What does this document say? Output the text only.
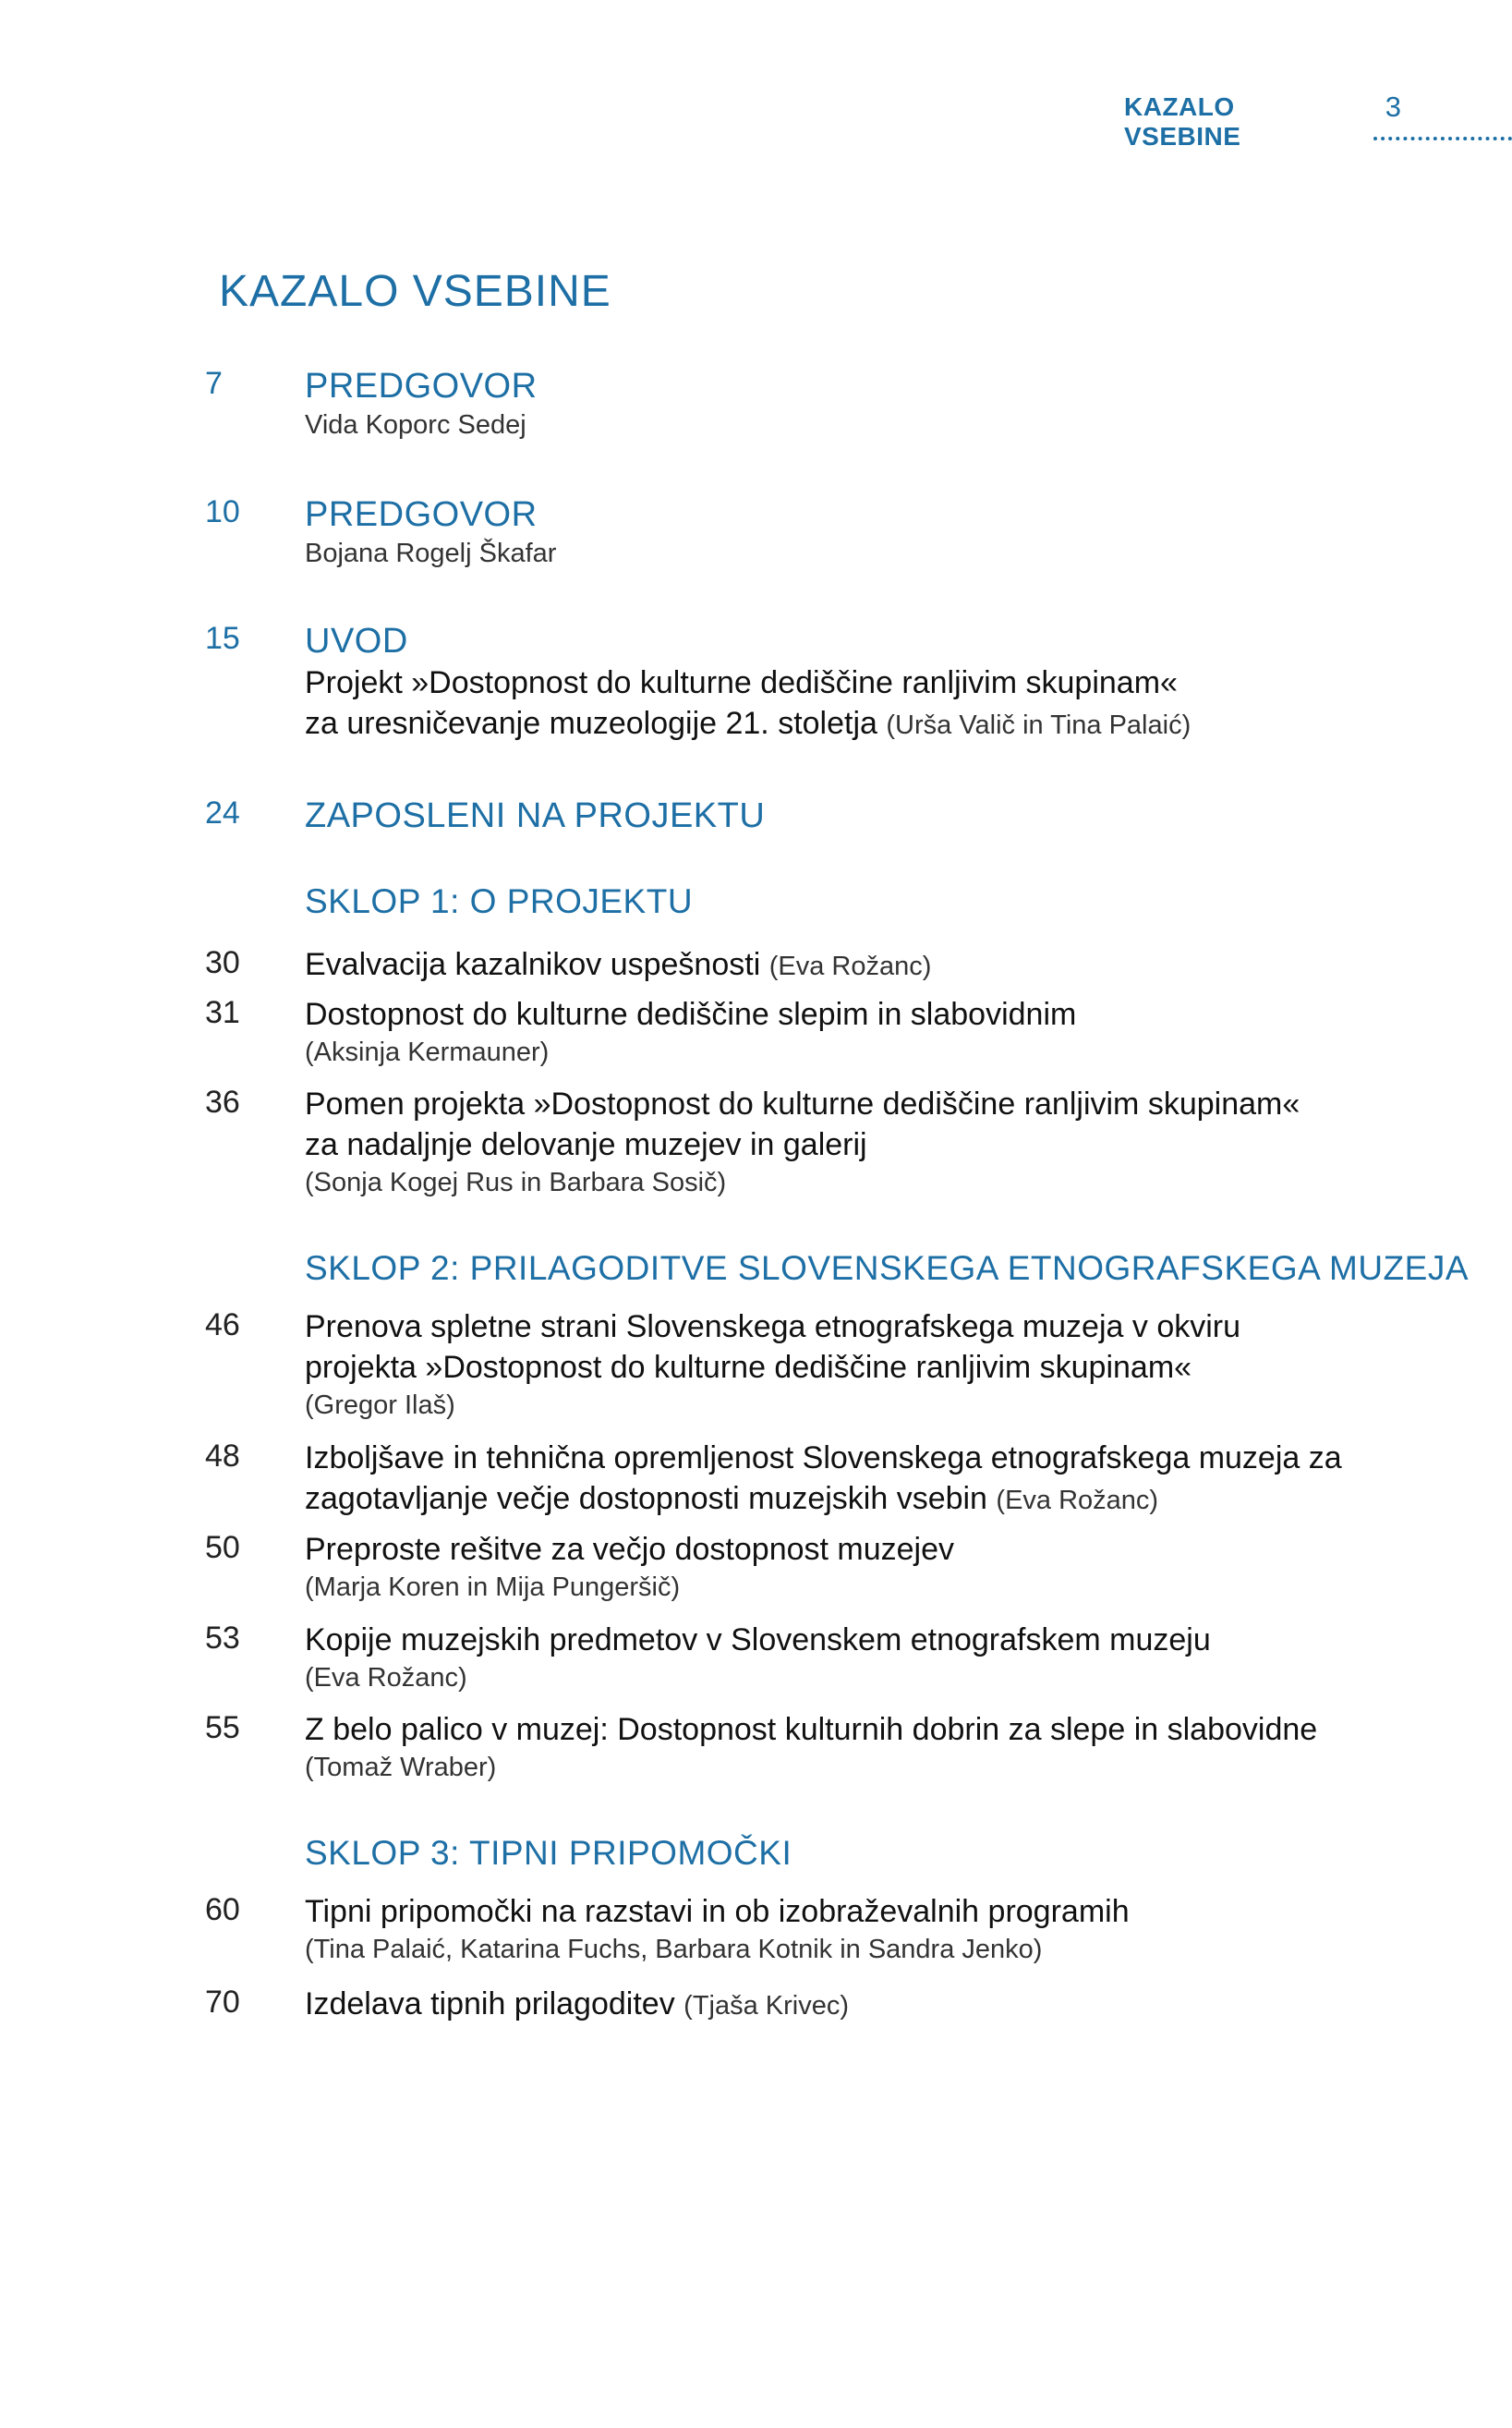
KAZALO VSEBINE
3
KAZALO VSEBINE
7	PREDGOVOR
Vida Koporc Sedej
10 PREDGOVOR
Bojana Rogelj Škafar
15 UVOD
Projekt »Dostopnost do kulturne dediščine ranljivim skupinam«
za uresničevanje muzeologije 21. stoletja (Urša Valič in Tina Palaić)
24 ZAPOSLENI NA PROJEKTU
SKLOP 1: O PROJEKTU
30 Evalvacija kazalnikov uspešnosti (Eva Rožanc)
31 Dostopnost do kulturne dediščine slepim in slabovidnim
(Aksinja Kermauner)
36 Pomen projekta »Dostopnost do kulturne dediščine ranljivim skupinam«
za nadaljnje delovanje muzejev in galerij
(Sonja Kogej Rus in Barbara Sosič)
SKLOP 2: PRILAGODITVE SLOVENSKEGA ETNOGRAFSKEGA MUZEJA
46 Prenova spletne strani Slovenskega etnografskega muzeja v okviru
projekta »Dostopnost do kulturne dediščine ranljivim skupinam«
(Gregor Ilaš)
48 Izboljšave in tehnična opremljenost Slovenskega etnografskega muzeja za
zagotavljanje večje dostopnosti muzejskih vsebin (Eva Rožanc)
50 Preproste rešitve za večjo dostopnost muzejev
(Marja Koren in Mija Pungeršič)
53 Kopije muzejskih predmetov v Slovenskem etnografskem muzeju
(Eva Rožanc)
55 Z belo palico v muzej: Dostopnost kulturnih dobrin za slepe in slabovidne
(Tomaž Wraber)
SKLOP 3: TIPNI PRIPOMOČKI
60 Tipni pripomočki na razstavi in ob izobraževalnih programih
(Tina Palaić, Katarina Fuchs, Barbara Kotnik in Sandra Jenko)
70 Izdelava tipnih prilagoditev (Tjaša Krivec)
